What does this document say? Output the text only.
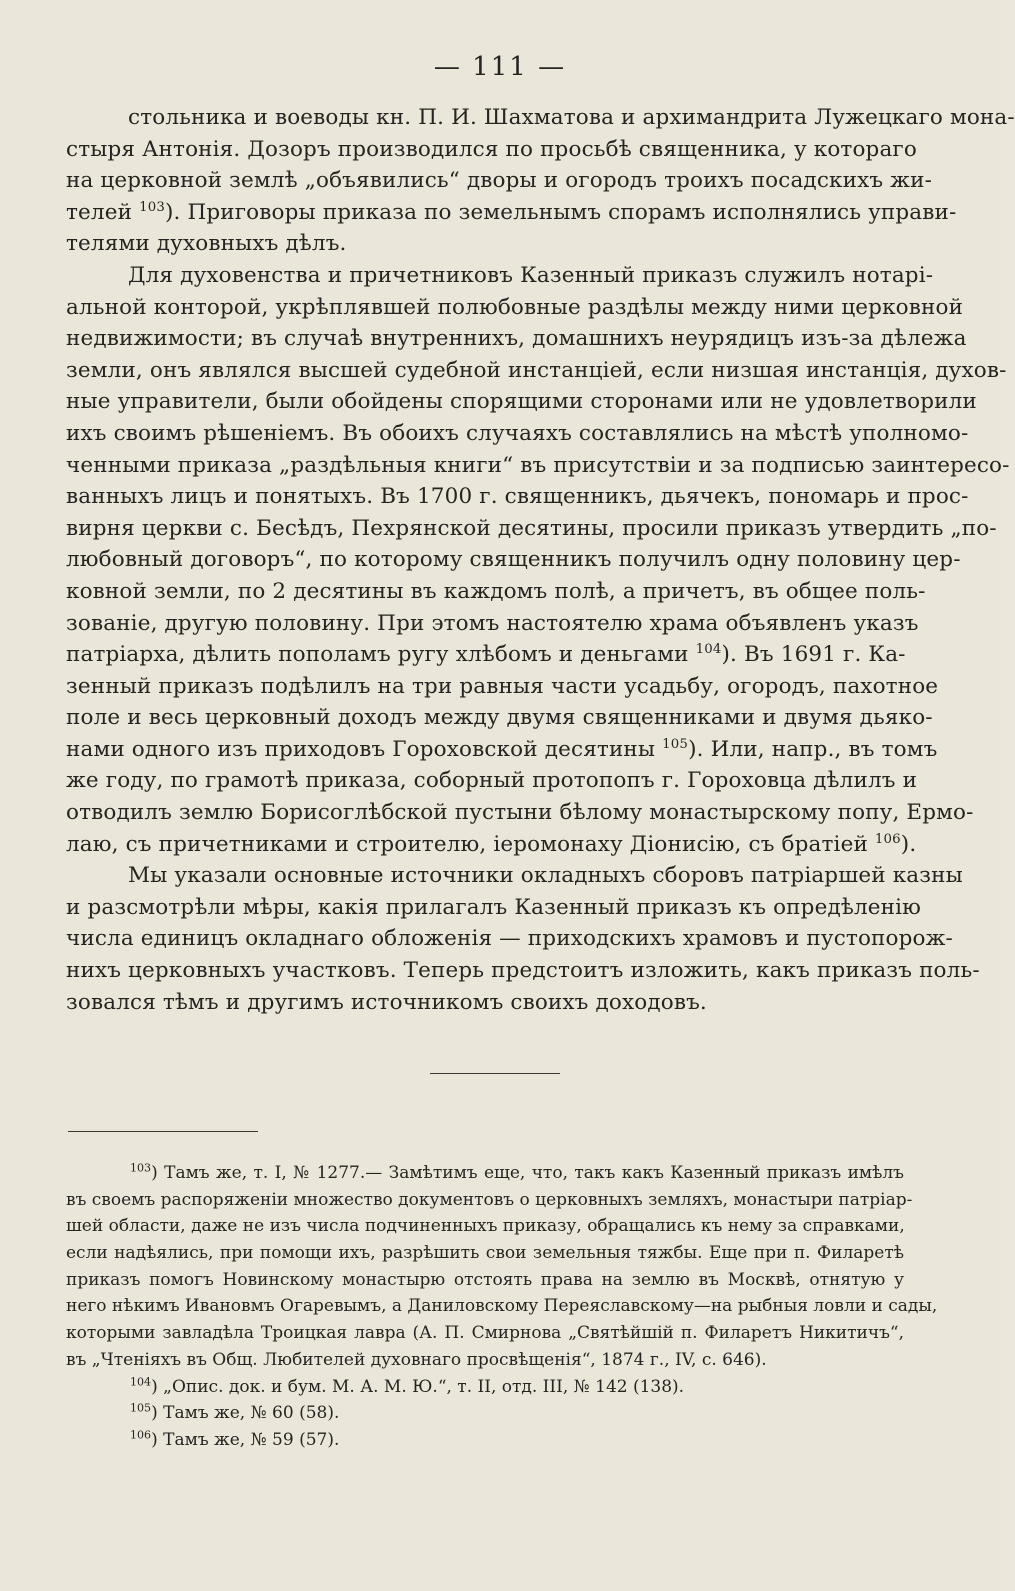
— 111 —
стольника и воеводы кн. П. И. Шахматова и архимандрита Лужецкаго мона-
стыря Антонія. Дозоръ производился по просьбѣ священника, у котораго
на церковной землѣ „объявились“ дворы и огородъ троихъ посадскихъ жи-
телей $^{103}$). Приговоры приказа по земельнымъ спорамъ исполнялись управи-
телями духовныхъ дѣлъ.
Для духовенства и причетниковъ Казенный приказъ служилъ нотарі-
альной конторой, укрѣплявшей полюбовные раздѣлы между ними церковной
недвижимости; въ случаѣ внутреннихъ, домашнихъ неурядицъ изъ-за дѣлежа
земли, онъ являлся высшей судебной инстанціей, если низшая инстанція, духов-
ные управители, были обойдены спорящими сторонами или не удовлетворили
ихъ своимъ рѣшеніемъ. Въ обоихъ случаяхъ составлялись на мѣстѣ уполномо-
ченными приказа „раздѣльныя книги“ въ присутствіи и за подписью заинтересо-
ванныхъ лицъ и понятыхъ. Въ 1700 г. священникъ, дьячекъ, пономарь и прос-
вирня церкви с. Бесѣдъ, Пехрянской десятины, просили приказъ утвердить „по-
любовный договоръ“, по которому священникъ получилъ одну половину цер-
ковной земли, по 2 десятины въ каждомъ полѣ, а причетъ, въ общее поль-
зованіе, другую половину. При этомъ настоятелю храма объявленъ указъ
патріарха, дѣлить пополамъ ругу хлѣбомъ и деньгами $^{104}$). Въ 1691 г. Ка-
зенный приказъ подѣлилъ на три равныя части усадьбу, огородъ, пахотное
поле и весь церковный доходъ между двумя священниками и двумя дьяко-
нами одного изъ приходовъ Гороховской десятины $^{105}$). Или, напр., въ томъ
же году, по грамотѣ приказа, соборный протопопъ г. Гороховца дѣлилъ и
отводилъ землю Борисоглѣбской пустыни бѣлому монастырскому попу, Ермо-
лаю, съ причетниками и строителю, іеромонаху Діонисію, съ братіей $^{106}$).
Мы указали основные источники окладныхъ сборовъ патріаршей казны
и разсмотрѣли мѣры, какія прилагалъ Казенный приказъ къ опредѣленію
числа единицъ окладнаго обложенія — приходскихъ храмовъ и пустопорож-
нихъ церковныхъ участковъ. Теперь предстоитъ изложить, какъ приказъ поль-
зовался тѣмъ и другимъ источникомъ своихъ доходовъ.
$^{103}$) Тамъ же, т. I, № 1277.— Замѣтимъ еще, что, такъ какъ Казенный приказъ имѣлъ
въ своемъ распоряженіи множество документовъ о церковныхъ земляхъ, монастыри патріар-
шей области, даже не изъ числа подчиненныхъ приказу, обращались къ нему за справками,
если надѣялись, при помощи ихъ, разрѣшить свои земельныя тяжбы. Еще при п. Филаретѣ
приказъ помогъ Новинскому монастырю отстоять права на землю въ Москвѣ, отнятую у
него нѣкимъ Ивановмъ Огаревымъ, а Даниловскому Переяславскому—на рыбныя ловли и сады,
которыми завладѣла Троицкая лавра (А. П. Смирнова „Святѣйшій п. Филаретъ Никитичъ“,
въ „Чтеніяхъ въ Общ. Любителей духовнаго просвѣщенія“, 1874 г., IV, с. 646).
$^{104}$) „Опис. док. и бум. М. А. М. Ю.“, т. II, отд. III, № 142 (138).
$^{105}$) Тамъ же, № 60 (58).
$^{106}$) Тамъ же, № 59 (57).
